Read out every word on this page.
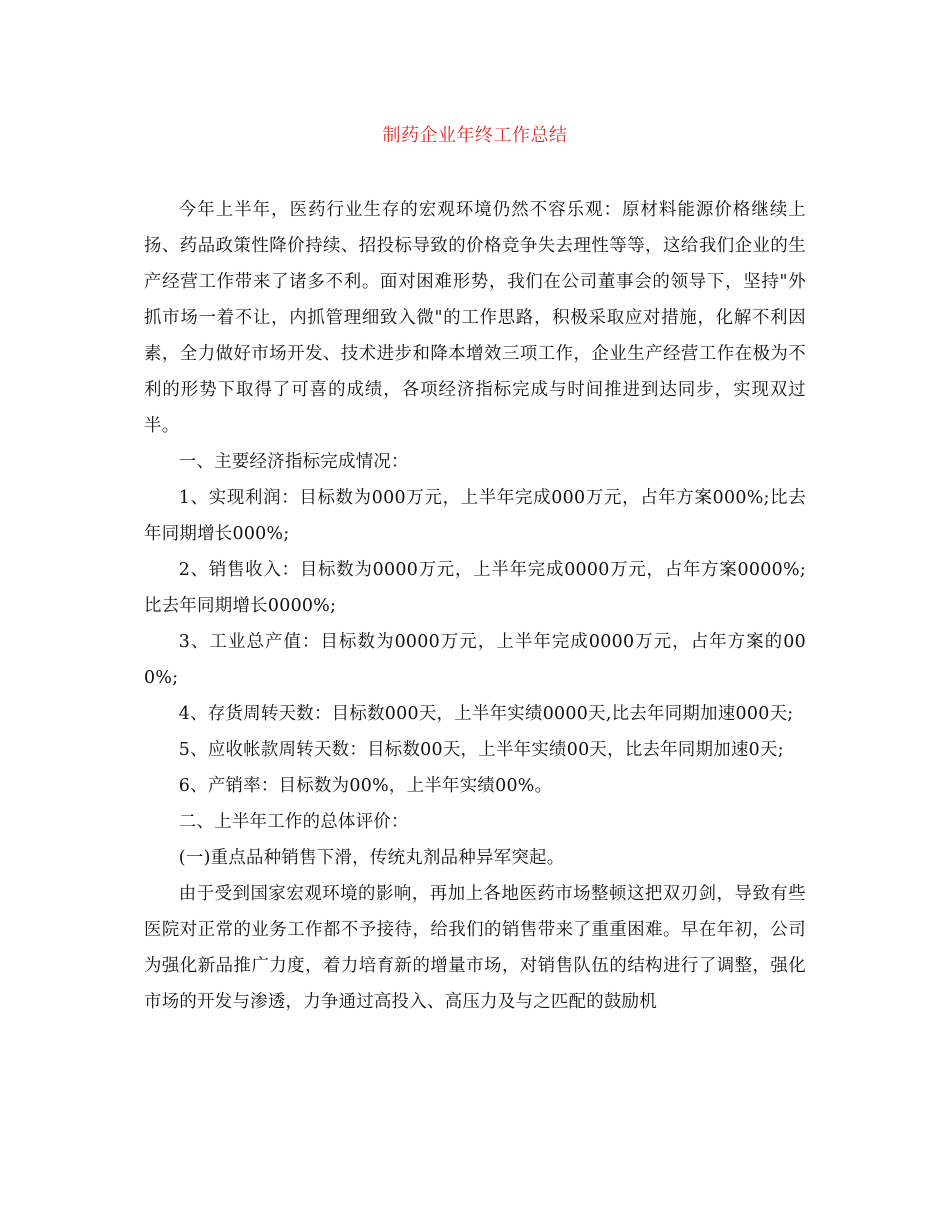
制药企业年终工作总结

今年上半年，医药行业生存的宏观环境仍然不容乐观：原材料能源价格继续上扬、药品政策性降价持续、招投标导致的价格竞争失去理性等等，这给我们企业的生产经营工作带来了诸多不利。面对困难形势，我们在公司董事会的领导下，坚持"外抓市场一着不让，内抓管理细致入微"的工作思路，积极采取应对措施，化解不利因素，全力做好市场开发、技术进步和降本增效三项工作，企业生产经营工作在极为不利的形势下取得了可喜的成绩，各项经济指标完成与时间推进到达同步，实现双过半。

一、主要经济指标完成情况：

1、实现利润：目标数为000万元，上半年完成000万元，占年方案000%;比去年同期增长000%;

2、销售收入：目标数为0000万元，上半年完成0000万元，占年方案0000%;比去年同期增长0000%;

3、工业总产值：目标数为0000万元，上半年完成0000万元，占年方案的000%;

4、存货周转天数：目标数000天，上半年实绩0000天,比去年同期加速000天;

5、应收帐款周转天数：目标数00天，上半年实绩00天，比去年同期加速0天;

6、产销率：目标数为00%，上半年实绩00%。

二、上半年工作的总体评价：

(一)重点品种销售下滑，传统丸剂品种异军突起。

由于受到国家宏观环境的影响，再加上各地医药市场整顿这把双刃剑，导致有些医院对正常的业务工作都不予接待，给我们的销售带来了重重困难。早在年初，公司为强化新品推广力度，着力培育新的增量市场，对销售队伍的结构进行了调整，强化市场的开发与渗透，力争通过高投入、高压力及与之匹配的鼓励机
